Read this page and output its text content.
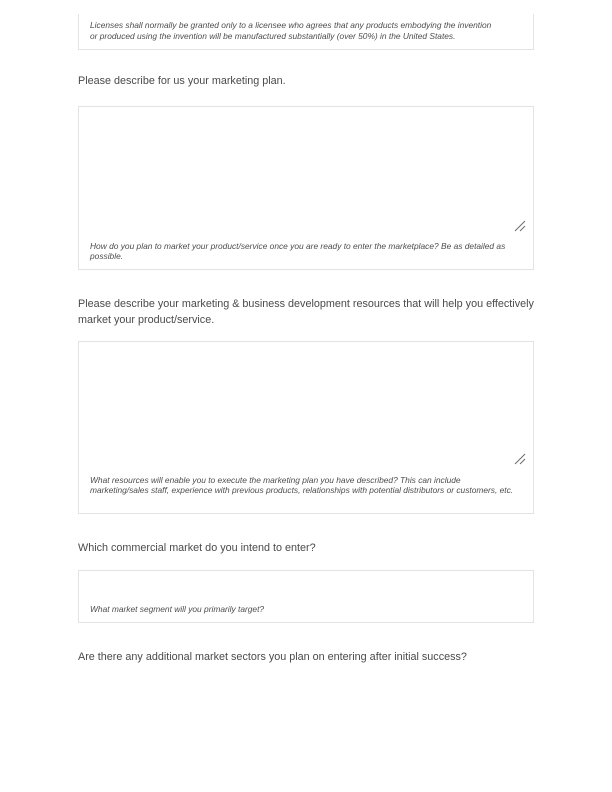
Licenses shall normally be granted only to a licensee who agrees that any products embodying the invention
or produced using the invention will be manufactured substantially (over 50%) in the United States.
Please describe for us your marketing plan.
How do you plan to market your product/service once you are ready to enter the marketplace? Be as detailed as possible.
Please describe your marketing & business development resources that will help you effectively market your product/service.
What resources will enable you to execute the marketing plan you have described? This can include marketing/sales staff, experience with previous products, relationships with potential distributors or customers, etc.
Which commercial market do you intend to enter?
What market segment will you primarily target?
Are there any additional market sectors you plan on entering after initial success?
